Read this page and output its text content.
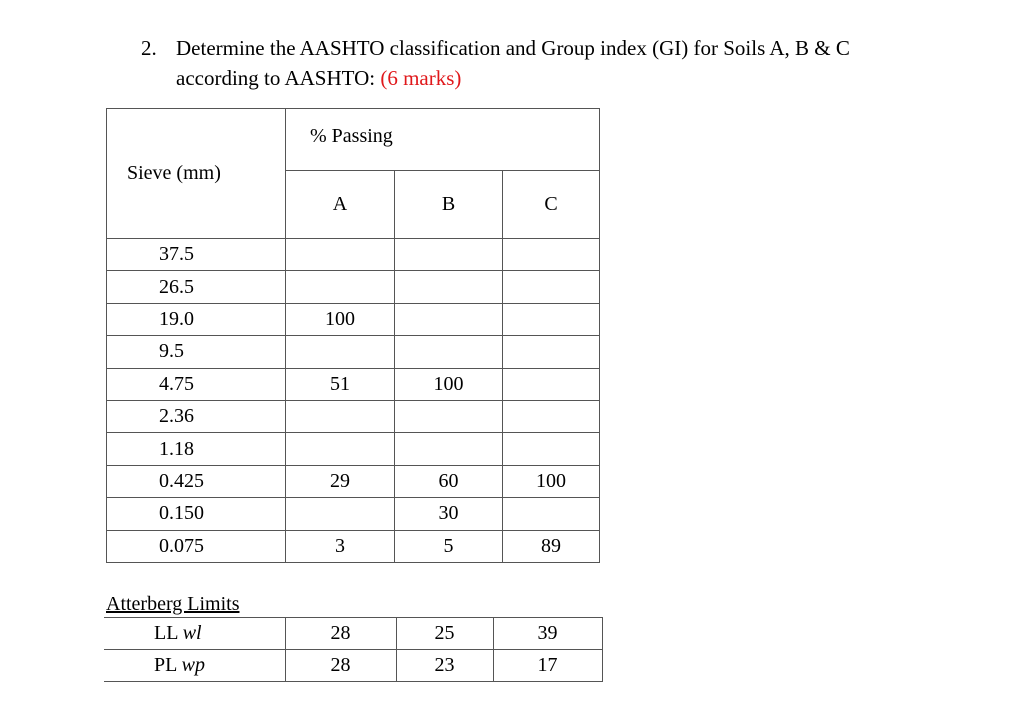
2. Determine the AASHTO classification and Group index (GI) for Soils A, B & C
according to AASHTO: (6 marks)
Sieve (mm)	% Passing		
	A	B	C
37.5			
26.5			
19.0	100		
9.5			
4.75	51	100	
2.36			
1.18			
0.425	29	60	100
0.150		30	
0.075	3	5	89
Atterberg Limits
LL wl	28	25	39
PL wp	28	23	17
